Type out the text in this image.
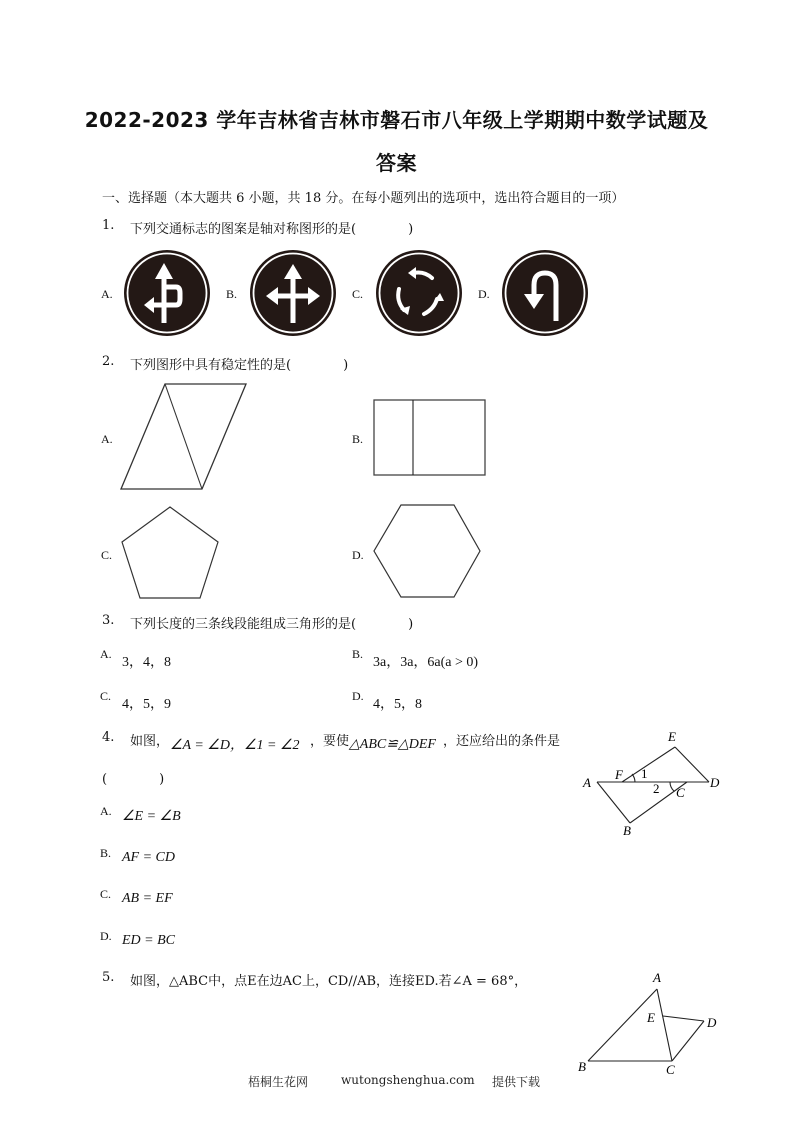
2022-2023 学年吉林省吉林市磐石市八年级上学期期中数学试题及
答案
一、选择题（本大题共 6 小题，共 18 分。在每小题列出的选项中，选出符合题目的一项）
1. 下列交通标志的图案是轴对称图形的是(　　　　)
A.	B.	C.	D.
2. 下列图形中具有稳定性的是(　　　　)
A.	B.
C.	D.
3. 下列长度的三条线段能组成三角形的是(　　　　)
A.
3，4，8
B.
3a，3a，6a(a > 0)
C.
4，5，9
D.
4，5，8
4. 如图， ∠A = ∠D，∠1 = ∠2 ，要使 △ABC≌△DEF ，还应给出的条件是
(　　　　)
A. ∠E = ∠B
B. AF = CD
C. AB = EF
D. ED = BC
E
A
F 1
D
2 C
B
5. 如图，△ABC中，点E在边AC上，CD//AB，连接ED.若∠A = 68°，	A
E	D
B	C
梧桐生花网	wutongshenghua.com 提供下载
